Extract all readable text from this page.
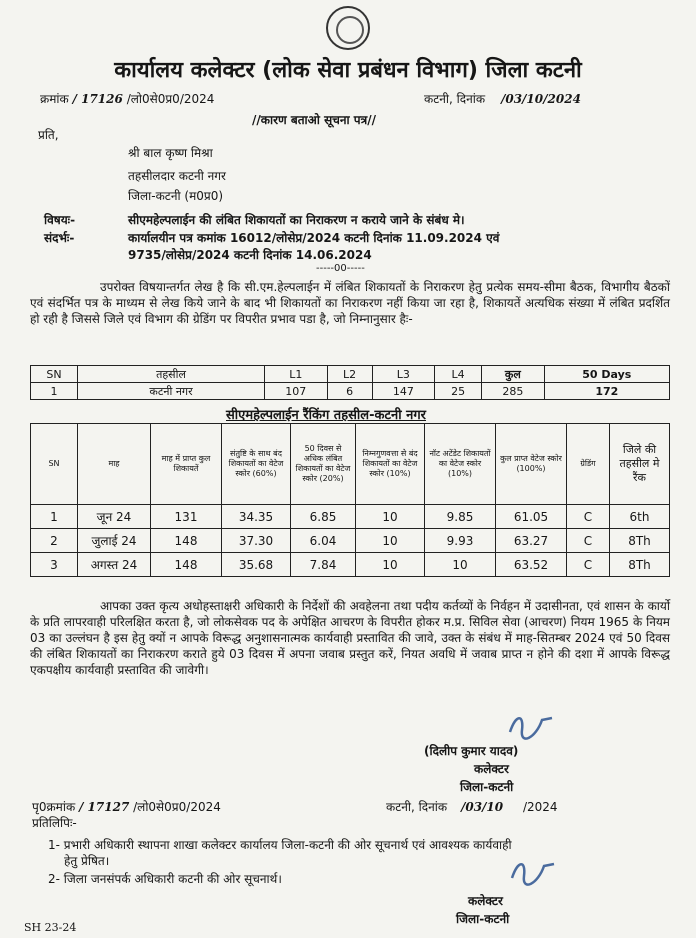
कार्यालय कलेक्टर (लोक सेवा प्रबंधन विभाग) जिला कटनी
क्रमांक / 17126 /लो0से0प्र0/2024	कटनी, दिनांक /03/10/2024
//कारण बताओ सूचना पत्र//
प्रति,
श्री बाल कृष्ण मिश्रा
तहसीलदार कटनी नगर
जिला-कटनी (म0प्र0)
विषयः-	सीएमहेल्पलाईन की लंबित शिकायतों का निराकरण न कराये जाने के संबंध मे।
संदर्भः-	कार्यालयीन पत्र कमांक 16012/लोसेप्र/2024 कटनी दिनांक 11.09.2024 एवं
9735/लोसेप्र/2024 कटनी दिनांक 14.06.2024
-----00-----
उपरोक्त विषयान्तर्गत लेख है कि सी.एम.हेल्पलाईन में लंबित शिकायतों के निराकरण हेतु प्रत्येक समय-सीमा बैठक, विभागीय बैठकों एवं संदर्भित पत्र के माध्यम से लेख किये जाने के बाद भी शिकायतों का निराकरण नहीं किया जा रहा है, शिकायतें अत्यधिक संख्या में लंबित प्रदर्शित हो रही है जिससे जिले एवं विभाग की ग्रेडिंग पर विपरीत प्रभाव पडा है, जो निम्नानुसार हैः-
SN	तहसील	L1	L2	L3	L4	कुल	50 Days
1	कटनी नगर	107	6	147	25	285	172
सीएमहेल्पलाईन रैंकिंग तहसील-कटनी नगर
SN	माह	माह में प्राप्त कुल शिकायतें	संतुष्टि के साथ बंद शिकायतों का वेटेज स्कोर (60%)	50 दिवस से अधिक लंबित शिकायतों का वेटेज स्कोर (20%)	निम्नगुणवत्ता से बंद शिकायतों का वेटेज स्कोर (10%)	नॉट अटेंडेट शिकायतों का वेटेज स्कोर (10%)	कुल प्राप्त वेटेज स्कोर (100%)	ग्रेडिंग	जिले की तहसील मे रैंक
1	जून 24	131	34.35	6.85	10	9.85	61.05	C	6th
2	जुलाई 24	148	37.30	6.04	10	9.93	63.27	C	8Th
3	अगस्त 24	148	35.68	7.84	10	10	63.52	C	8Th
आपका उक्त कृत्य अधोहस्ताक्षरी अधिकारी के निर्देशों की अवहेलना तथा पदीय कर्तव्यों के निर्वहन में उदासीनता, एवं शासन के कार्यो के प्रति लापरवाही परिलक्षित करता है, जो लोकसेवक पद के अपेक्षित आचरण के विपरीत होकर म.प्र. सिविल सेवा (आचरण) नियम 1965 के नियम 03 का उल्लंघन है इस हेतु क्यों न आपके विरूद्ध अनुशासनात्मक कार्यवाही प्रस्तावित की जावे, उक्त के संबंध में माह-सितम्बर 2024 एवं 50 दिवस की लंबित शिकायतों का निराकरण कराते हुये 03 दिवस में अपना जवाब प्रस्तुत करें, नियत अवधि में जवाब प्राप्त न होने की दशा में आपके विरूद्ध एकपक्षीय कार्यवाही प्रस्तावित की जावेगी।
(दिलीप कुमार यादव)
कलेक्टर
जिला-कटनी
पृ0क्रमांक / 17127 /लो0से0प्र0/2024	कटनी, दिनांक /03/10 /2024
प्रतिलिपिः-
1- प्रभारी अधिकारी स्थापना शाखा कलेक्टर कार्यालय जिला-कटनी की ओर सूचनार्थ एवं आवश्यक कार्यवाही
हेतु प्रेषित।
2- जिला जनसंपर्क अधिकारी कटनी की ओर सूचनार्थ।
कलेक्टर
जिला-कटनी
SH 23-24
